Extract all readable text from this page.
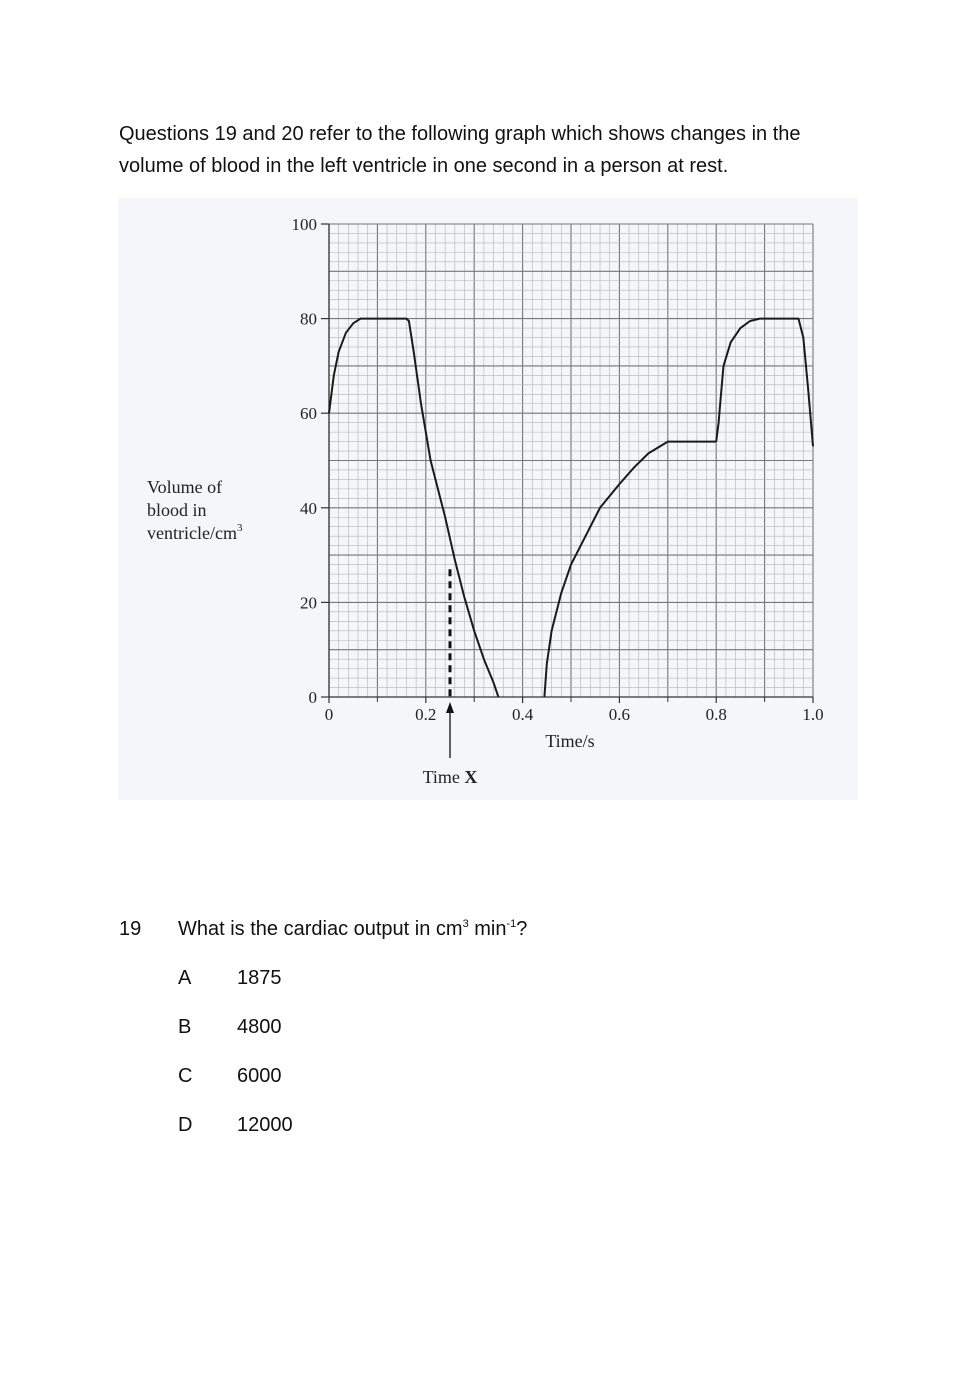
Questions 19 and 20 refer to the following graph which shows changes in the
volume of blood in the left ventricle in one second in a person at rest.
0
20
40
60
80
100
0	0.2	0.4	0.6	0.8	1.0
Time X
Time/s
Volume of
blood in
ventricle/$cm^3$
19 What is the cardiac output in $cm^3$ $\min^{-1}$?
A 1875
B 4800
C 6000
D 12000
